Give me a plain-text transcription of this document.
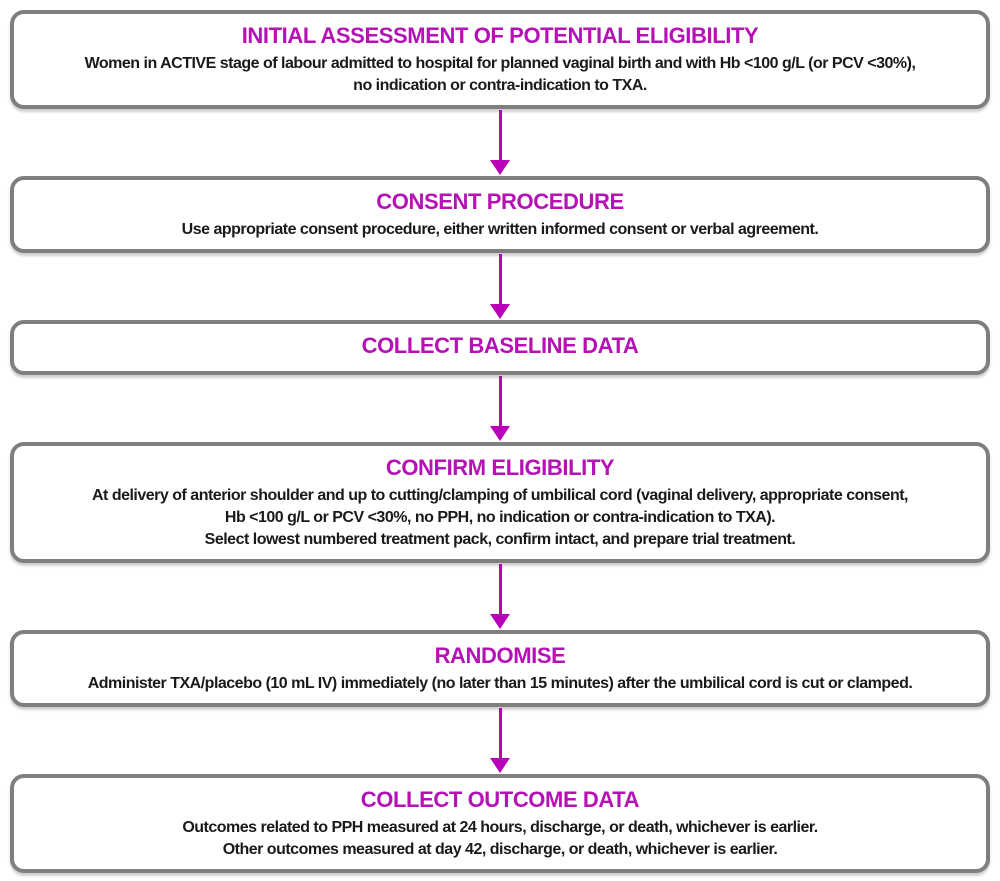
INITIAL ASSESSMENT OF POTENTIAL ELIGIBILITY
Women in ACTIVE stage of labour admitted to hospital for planned vaginal birth and with Hb <100 g/L (or PCV <30%),
no indication or contra-indication to TXA.
CONSENT PROCEDURE
Use appropriate consent procedure, either written informed consent or verbal agreement.
COLLECT BASELINE DATA
CONFIRM ELIGIBILITY
At delivery of anterior shoulder and up to cutting/clamping of umbilical cord (vaginal delivery, appropriate consent,
Hb <100 g/L or PCV <30%, no PPH, no indication or contra-indication to TXA).
Select lowest numbered treatment pack, confirm intact, and prepare trial treatment.
RANDOMISE
Administer TXA/placebo (10 mL IV) immediately (no later than 15 minutes) after the umbilical cord is cut or clamped.
COLLECT OUTCOME DATA
Outcomes related to PPH measured at 24 hours, discharge, or death, whichever is earlier.
Other outcomes measured at day 42, discharge, or death, whichever is earlier.
